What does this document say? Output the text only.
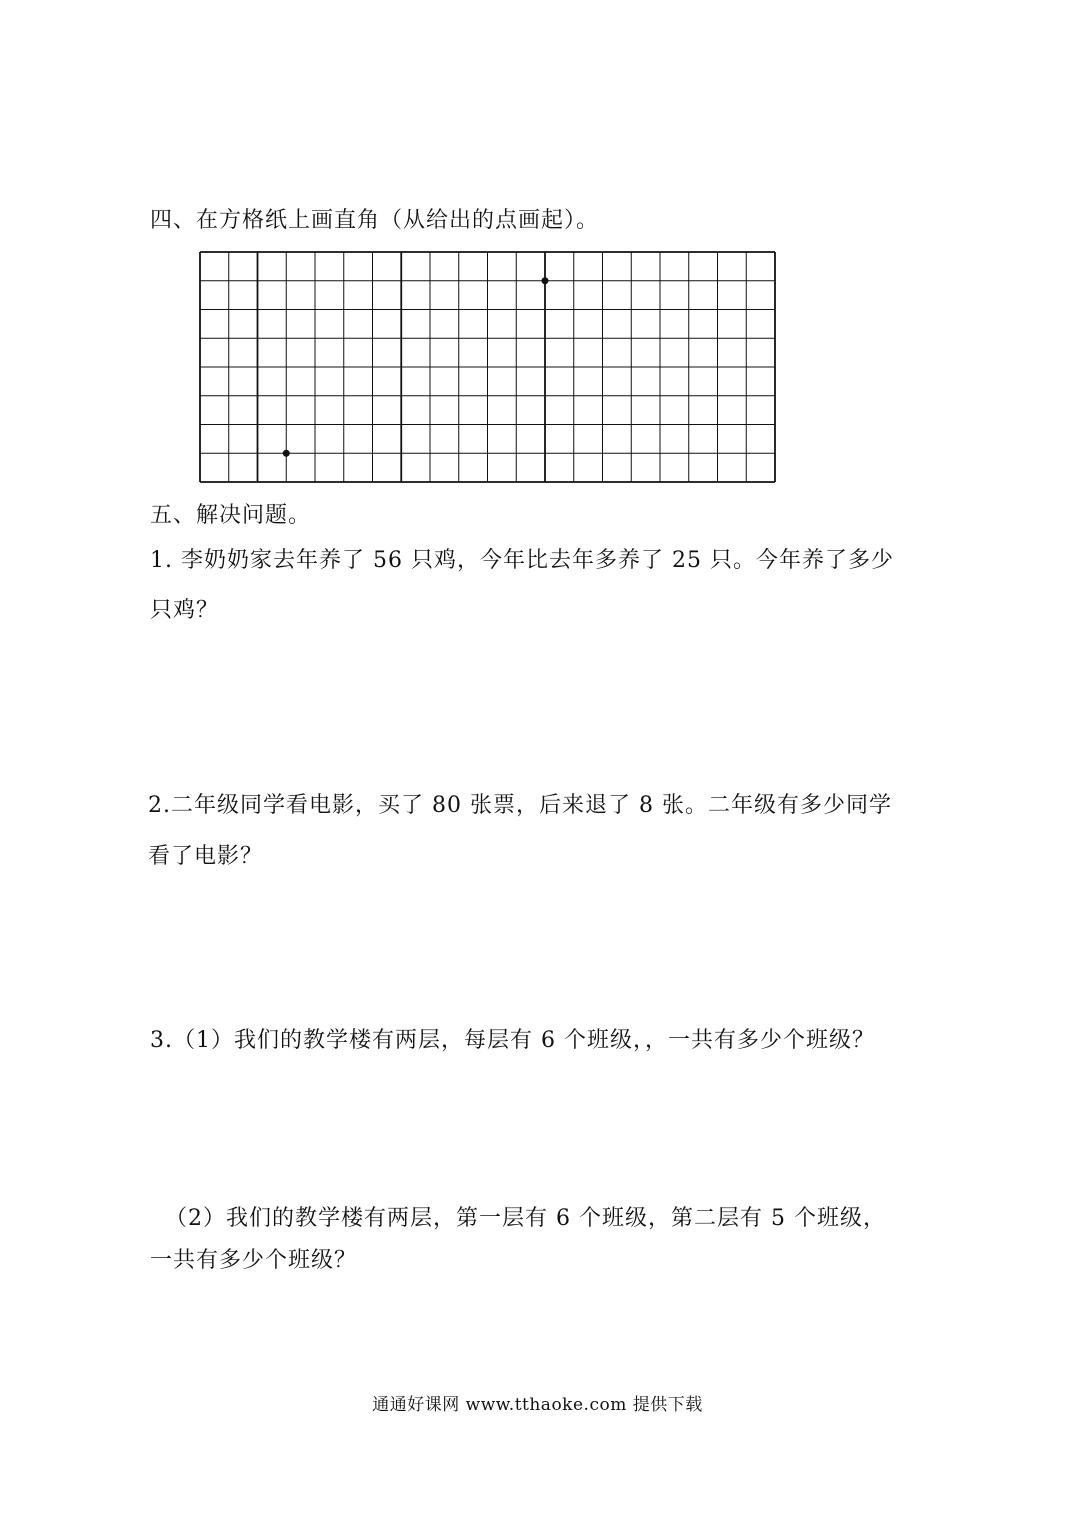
四、在方格纸上画直角（从给出的点画起）。
五、解决问题。
1. 李奶奶家去年养了 56 只鸡，今年比去年多养了 25 只。今年养了多少
只鸡？
2.二年级同学看电影，买了 80 张票，后来退了 8 张。二年级有多少同学
看了电影？
3.（1）我们的教学楼有两层，每层有 6 个班级，，一共有多少个班级？
（2）我们的教学楼有两层，第一层有 6 个班级，第二层有 5 个班级，
一共有多少个班级？
通通好课网 www.tthaoke.com 提供下载
